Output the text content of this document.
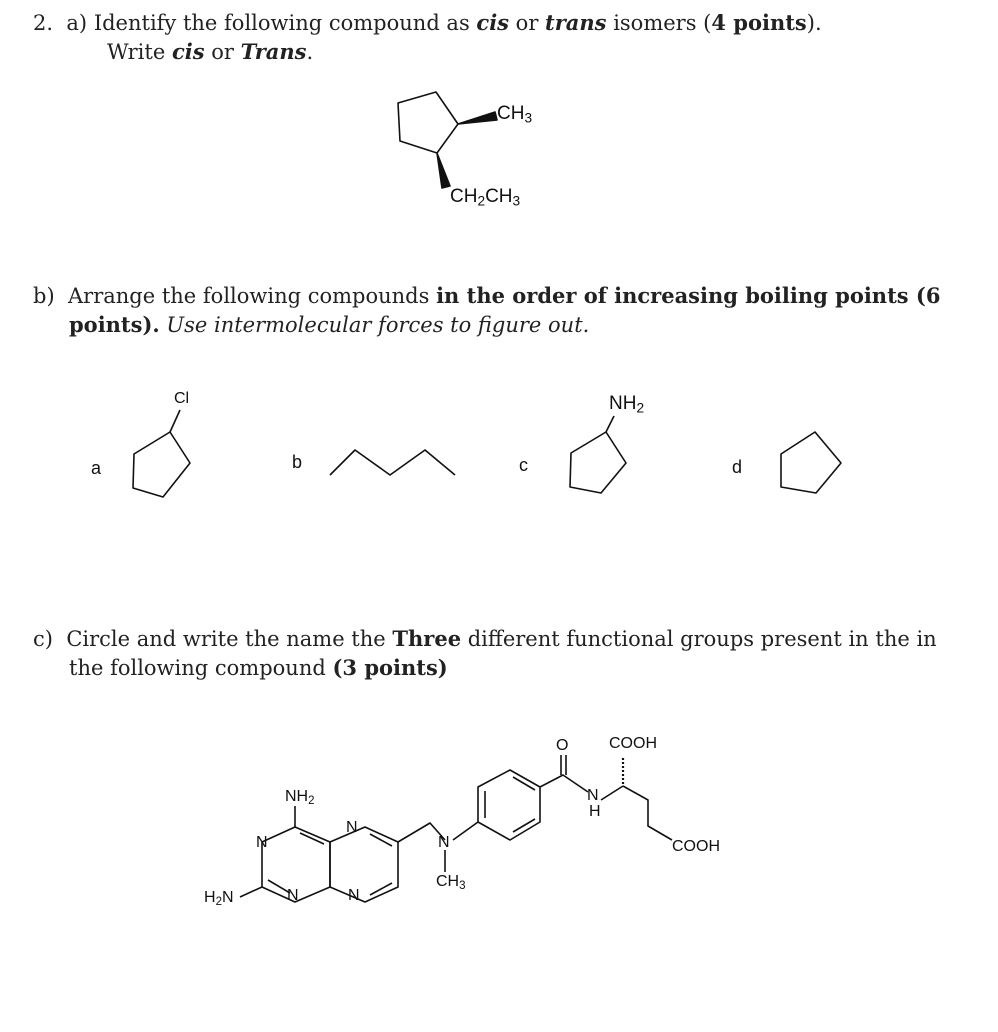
2. a) Identify the following compound as cis or trans isomers (4 points).
Write cis or Trans.
b) Arrange the following compounds in the order of increasing boiling points (6
points). Use intermolecular forces to figure out.
c) Circle and write the name the Three different functional groups present in the in
the following compound (3 points)
$CH_3$
$CH_2CH_3$
a	b	c	d
Cl	$NH_2$
$NH_2$
$H_2N$
N
N
N
N
N
$CH_3$
O
N
H
COOH
COOH
